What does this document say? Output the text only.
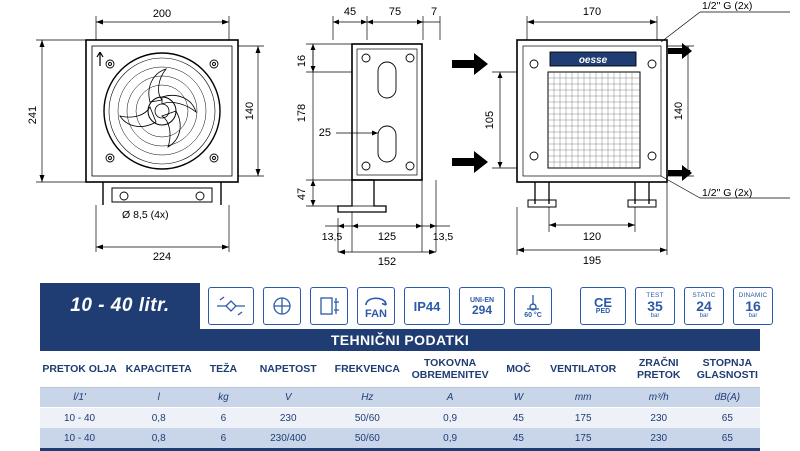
200
241	140
Ø 8,5 (4x)
224
45	75	7
16
178
47
25
13,5	125	13,5
152
170
oesse
105	140
1/2" G (2x)
1/2" G (2x)
120
195
10 - 40 litr.	FAN IP44	UNI-EN
294	60 °C
CE
PED
TEST
35
bar
STATIC
24
bar
DINAMIC
16
bar
TEHNIČNI PODATKI
PRETOK OLJA	KAPACITETA	TEŽA	NAPETOST	FREKVENCA	TOKOVNA OBREMENITEV	MOČ	VENTILATOR	ZRAČNI PRETOK	STOPNJA GLASNOSTI
l/1'	l	kg	V	Hz	A	W	mm	m³/h	dB(A)
10 - 40	0,8	6	230	50/60	0,9	45	175	230	65
10 - 40	0,8	6	230/400	50/60	0,9	45	175	230	65
